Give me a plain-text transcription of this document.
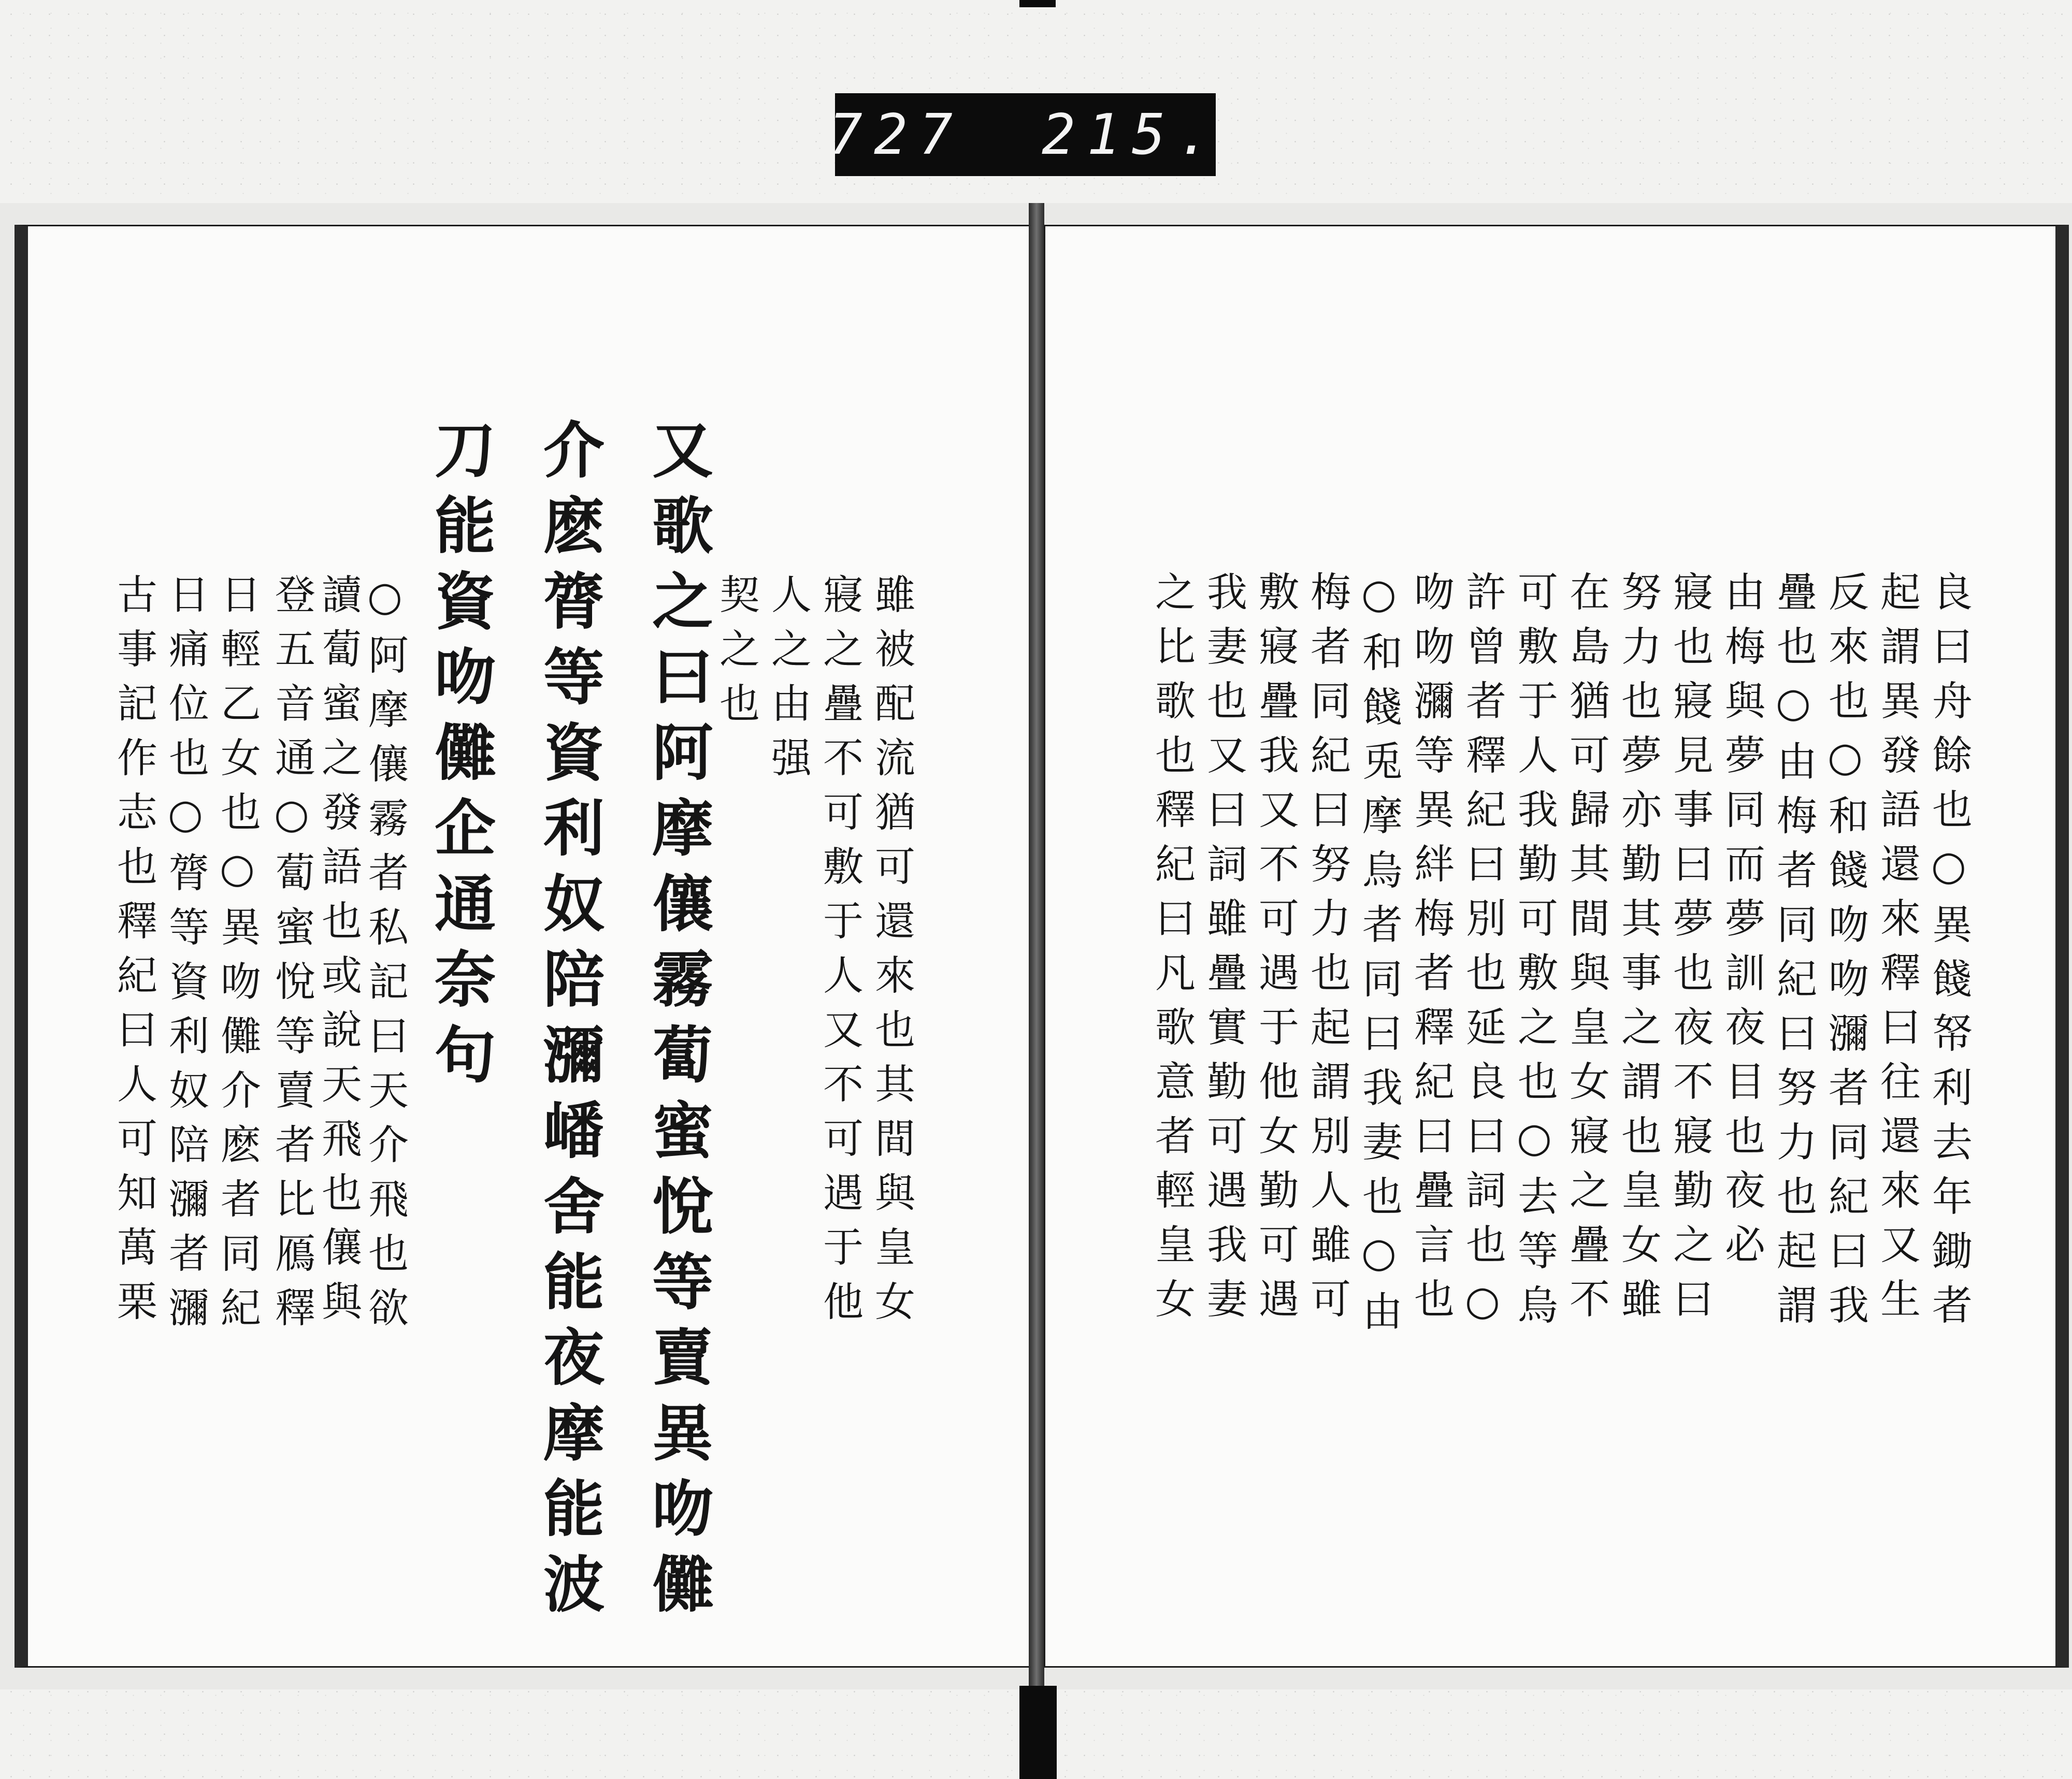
727 215.

又歌之曰阿摩儴霧蔔蜜悅等賣異吻儺
介麽膂等資利奴陪瀰嶓舍能夜摩能波
刀能資吻儺企通奈句	雖被配流猶可還來也其間與皇女
寢之疊不可敷于人又不可遇于他
人之由强
契之也
○阿摩儴霧者私記曰天介飛也欲
讀蔔蜜之發語也或說天飛也儴與
登五音通○蔔蜜悅等賣者比鴈釋
日輕乙女也○異吻儺介麽者同紀
日痛位也○膂等資利奴陪瀰者瀰
古事記作志也釋紀曰人可知萬栗
　　	良曰舟餘也○異餞帑利去年鋤者
起謂異發語還來釋曰往還來又生
反來也○和餞吻吻瀰者同紀曰我
疊也○由梅者同紀曰努力也起謂
由梅與夢同而夢訓夜目也夜必
寢也寢見事曰夢也夜不寢勤之曰
努力也夢亦勤其事之謂也皇女雖
在島猶可歸其間與皇女寢之疊不
可敷于人我勤可敷之也○去等烏
許曾者釋紀曰別也延良曰詞也○
吻吻瀰等異絆梅者釋紀曰疊言也
○和餞兎摩烏者同曰我妻也○由
梅者同紀曰努力也起謂別人雖可
敷寢疊我又不可遇于他女勤可遇
我妻也又曰詞雖疊實勤可遇我妻
之比歌也釋紀曰凡歌意者輕皇女
